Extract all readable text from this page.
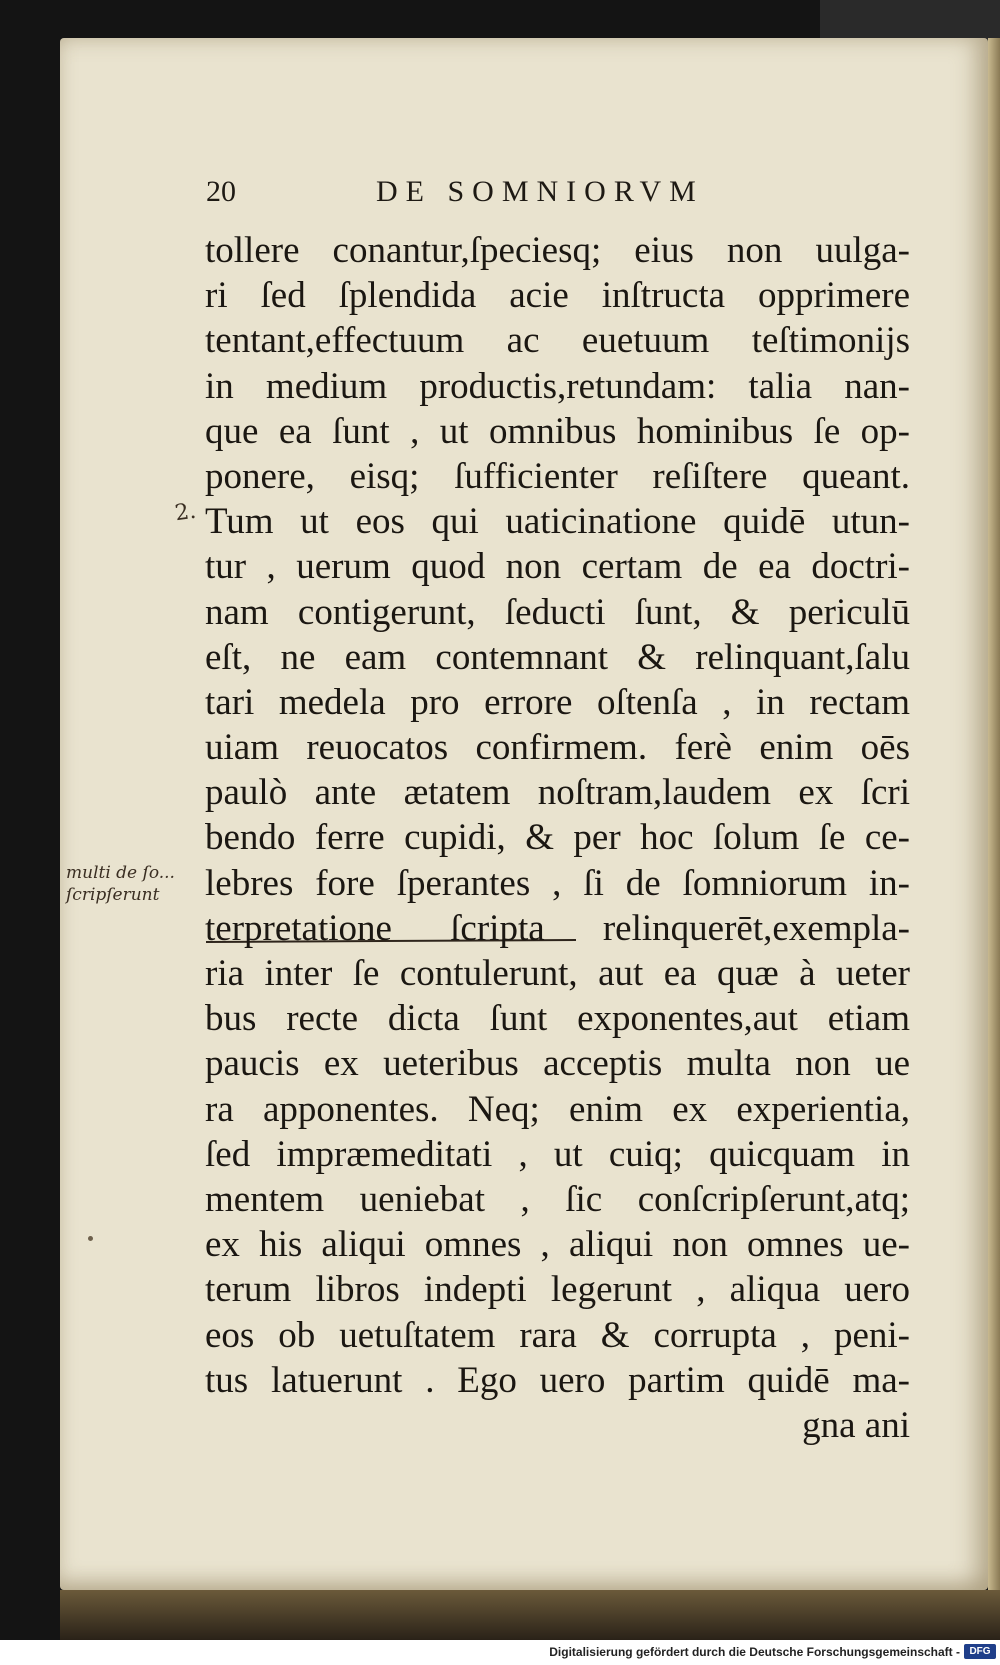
20	DE SOMNIORVM
2.
multi de ſo...
ſcripſerunt
tollere conantur,ſpeciesq; eius non uulga-
ri ſed ſplendida acie inſtructa opprimere
tentant,effectuum ac euetuum teſtimonijs
in medium productis,retundam: talia nan-
que ea ſunt , ut omnibus hominibus ſe op-
ponere, eisq; ſufficienter reſiſtere queant.
Tum ut eos qui uaticinatione quidē utun-
tur , uerum quod non certam de ea doctri-
nam contigerunt, ſeducti ſunt, & periculū
eſt, ne eam contemnant & relinquant,ſalu
tari medela pro errore oſtenſa , in rectam
uiam reuocatos confirmem. ferè enim oēs
paulò ante ætatem noſtram,laudem ex ſcri
bendo ferre cupidi, & per hoc ſolum ſe ce-
lebres fore ſperantes , ſi de ſomniorum in-
terpretatione ſcripta relinquerēt,exempla-
ria inter ſe contulerunt, aut ea quæ à ueter
bus recte dicta ſunt exponentes,aut etiam
paucis ex ueteribus acceptis multa non ue
ra apponentes. Neq; enim ex experientia,
ſed impræmeditati , ut cuiq; quicquam in
mentem ueniebat , ſic conſcripſerunt,atq;
ex his aliqui omnes , aliqui non omnes ue-
terum libros indepti legerunt , aliqua uero
eos ob uetuſtatem rara & corrupta , peni-
tus latuerunt . Ego uero partim quidē ma-
gna ani
Digitalisierung gefördert durch die Deutsche Forschungsgemeinschaft - DFG
